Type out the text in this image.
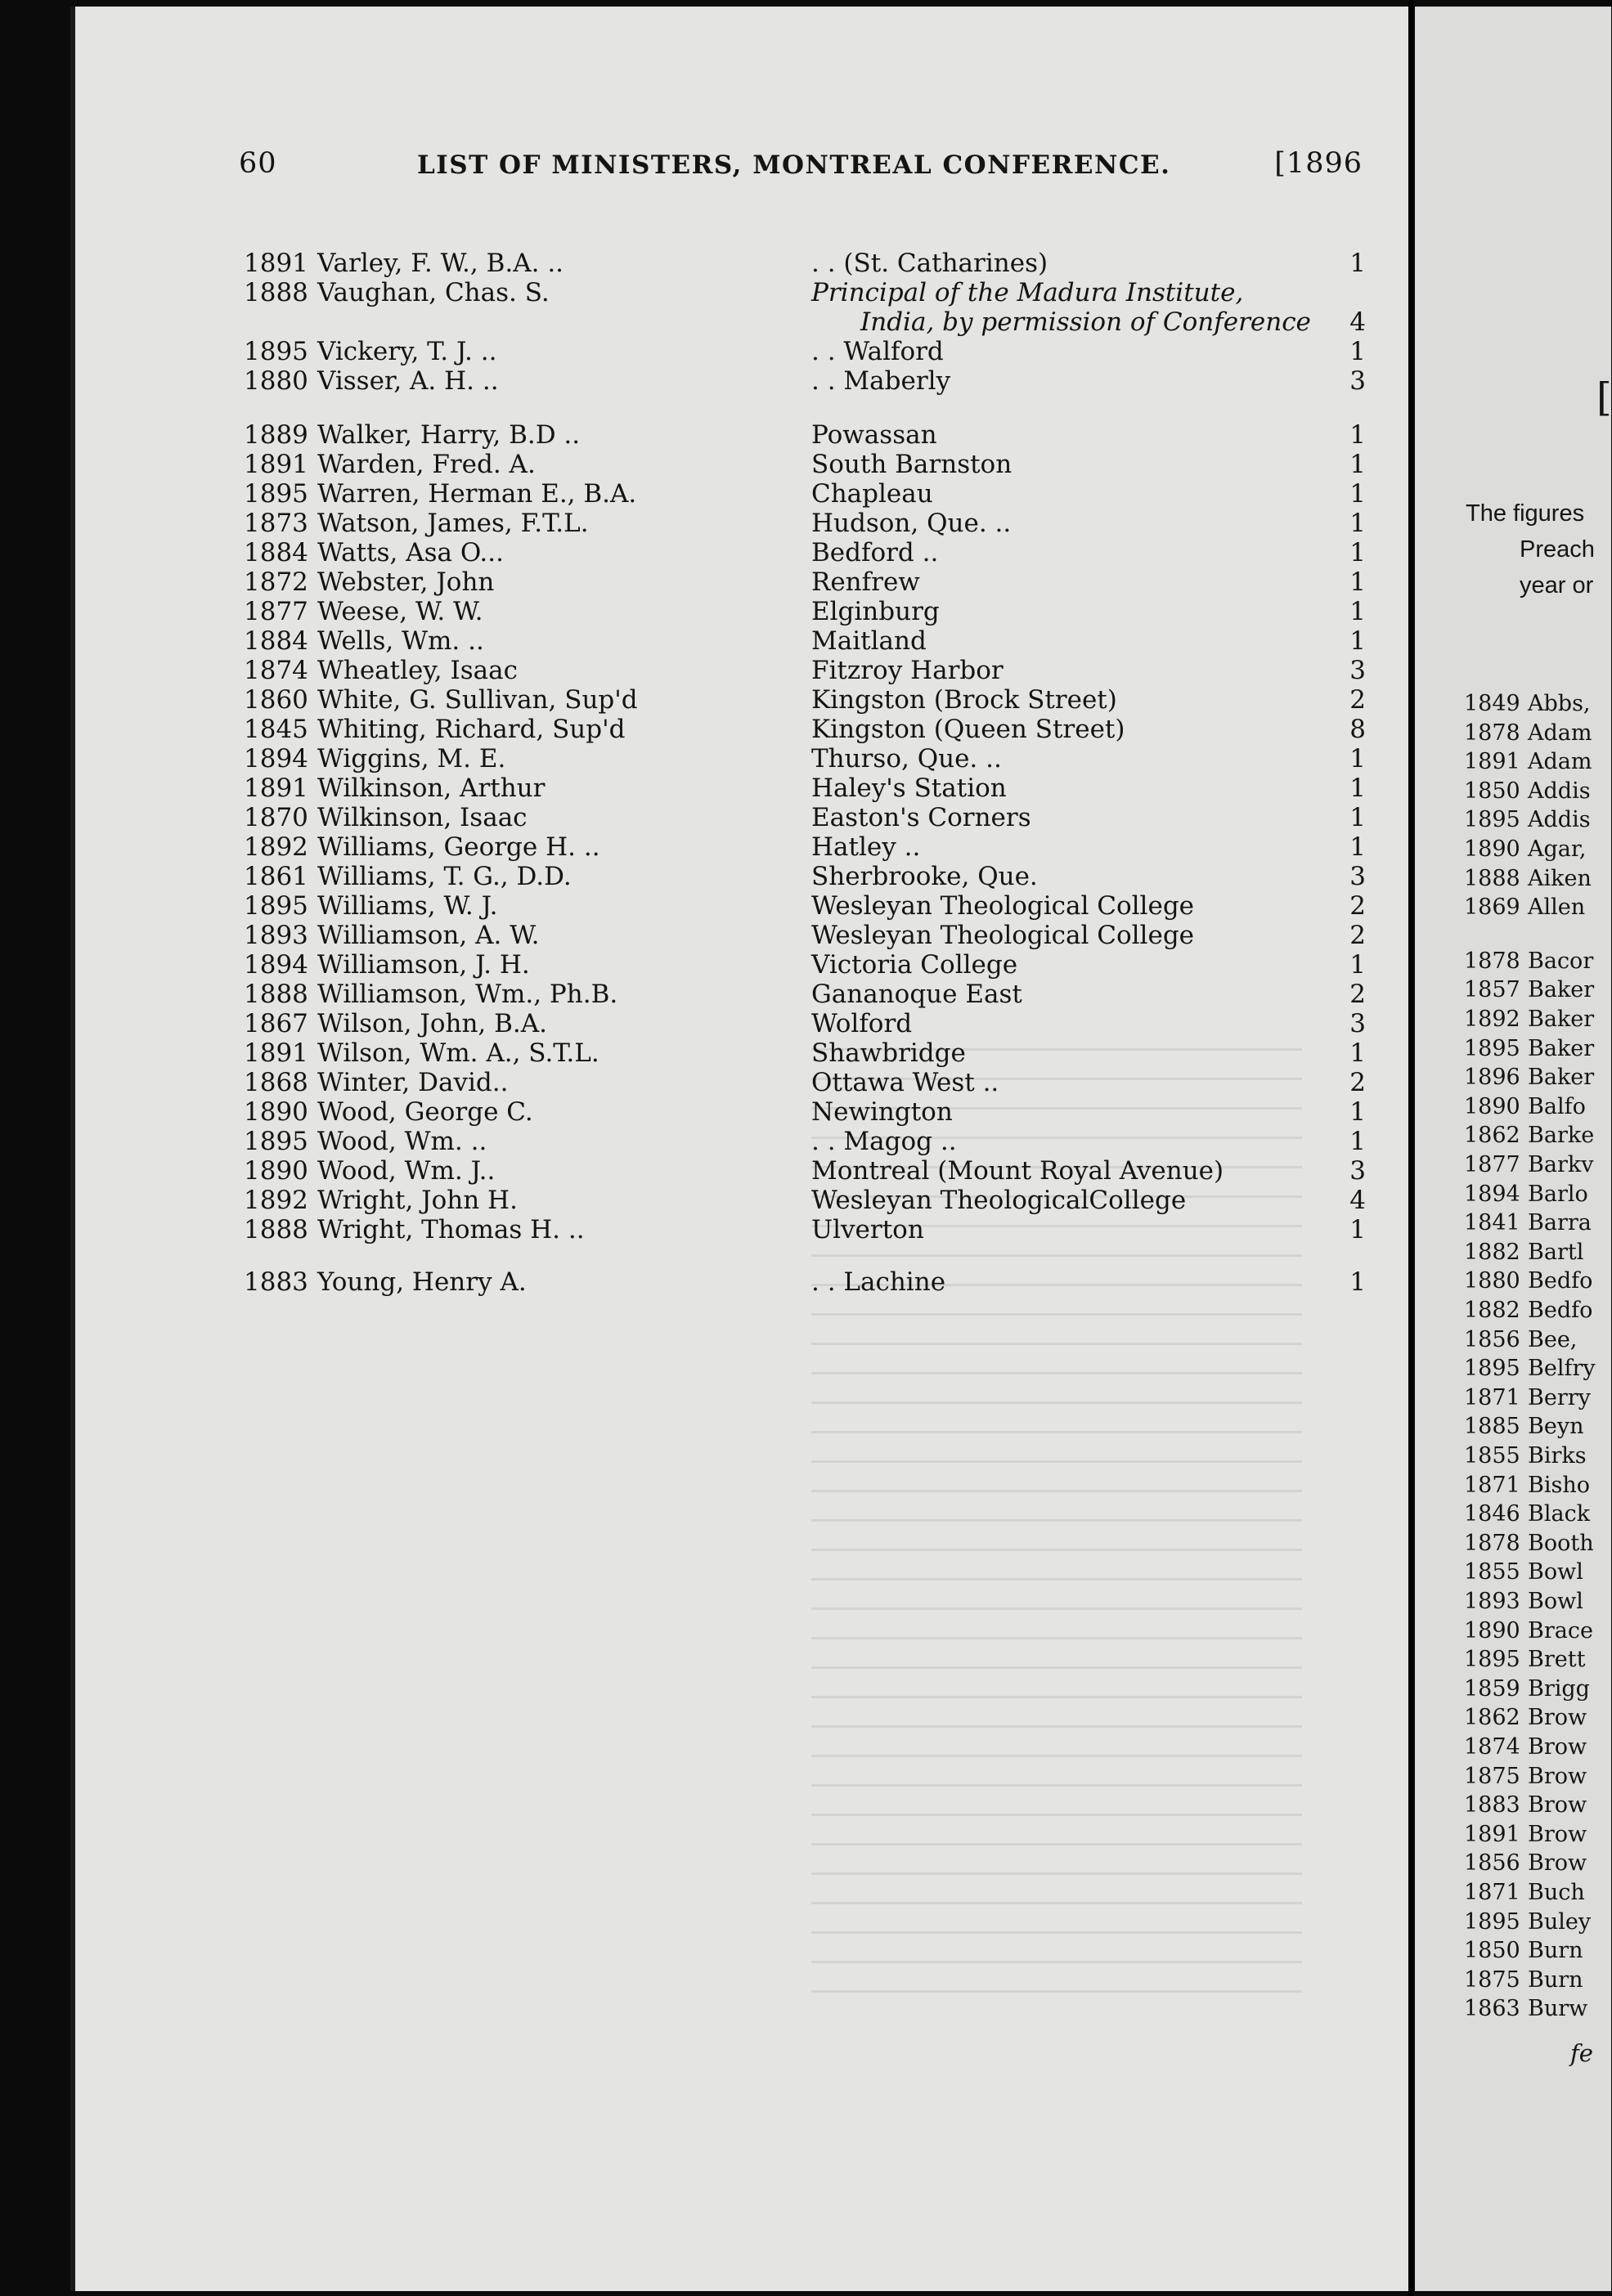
60	LIST OF MINISTERS, MONTREAL CONFERENCE.	[1896
1891 Varley, F. W., B.A. ..	. . (St. Catharines)	1
1888 Vaughan, Chas. S.	Principal of the Madura Institute,
India, by permission of Conference	4
1895 Vickery, T. J. ..	. . Walford	1
1880 Visser, A. H. ..	. . Maberly	3
1889 Walker, Harry, B.D ..	Powassan	1
1891 Warden, Fred. A.	South Barnston	1
1895 Warren, Herman E., B.A.	Chapleau	1
1873 Watson, James, F.T.L.	Hudson, Que. ..	1
1884 Watts, Asa O...	Bedford ..	1
1872 Webster, John	Renfrew	1
1877 Weese, W. W.	Elginburg	1
1884 Wells, Wm. ..	Maitland	1
1874 Wheatley, Isaac	Fitzroy Harbor	3
1860 White, G. Sullivan, Sup'd	Kingston (Brock Street)	2
1845 Whiting, Richard, Sup'd	Kingston (Queen Street)	8
1894 Wiggins, M. E.	Thurso, Que. ..	1
1891 Wilkinson, Arthur	Haley's Station	1
1870 Wilkinson, Isaac	Easton's Corners	1
1892 Williams, George H. ..	Hatley ..	1
1861 Williams, T. G., D.D.	Sherbrooke, Que.	3
1895 Williams, W. J.	Wesleyan Theological College	2
1893 Williamson, A. W.	Wesleyan Theological College	2
1894 Williamson, J. H.	Victoria College	1
1888 Williamson, Wm., Ph.B.	Gananoque East	2
1867 Wilson, John, B.A.	Wolford	3
1891 Wilson, Wm. A., S.T.L.	Shawbridge	1
1868 Winter, David..	Ottawa West ..	2
1890 Wood, George C.	Newington	1
1895 Wood, Wm. ..	. . Magog ..	1
1890 Wood, Wm. J..	Montreal (Mount Royal Avenue)	3
1892 Wright, John H.	Wesleyan TheologicalCollege	4
1888 Wright, Thomas H. ..	Ulverton	1
1883 Young, Henry A.	. . Lachine	1
[
The figures
Preach
year or
1849 Abbs,
1878 Adam
1891 Adam
1850 Addis
1895 Addis
1890 Agar,
1888 Aiken
1869 Allen
1878 Bacor
1857 Baker
1892 Baker
1895 Baker
1896 Baker
1890 Balfo
1862 Barke
1877 Barkv
1894 Barlo
1841 Barra
1882 Bartl
1880 Bedfo
1882 Bedfo
1856 Bee,
1895 Belfry
1871 Berry
1885 Beyn
1855 Birks
1871 Bisho
1846 Black
1878 Booth
1855 Bowl
1893 Bowl
1890 Brace
1895 Brett
1859 Brigg
1862 Brow
1874 Brow
1875 Brow
1883 Brow
1891 Brow
1856 Brow
1871 Buch
1895 Buley
1850 Burn
1875 Burn
1863 Burw
fe
